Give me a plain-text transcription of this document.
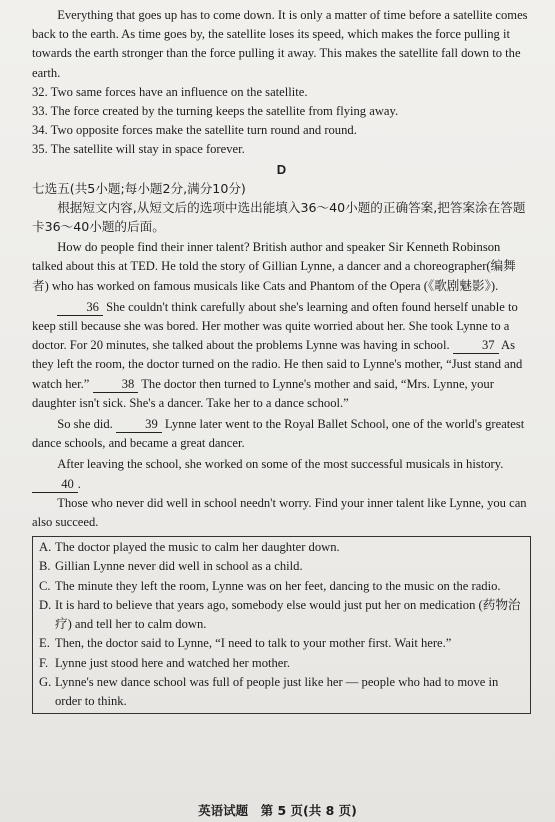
Everything that goes up has to come down. It is only a matter of time before a satellite comes back to the earth. As time goes by, the satellite loses its speed, which makes the force pulling it towards the earth stronger than the force pulling it away. This makes the satellite fall down to the earth.

32. Two same forces have an influence on the satellite.

33. The force created by the turning keeps the satellite from flying away.

34. Two opposite forces make the satellite turn round and round.

35. The satellite will stay in space forever.

D

七选五(共5小题;每小题2分,满分10分)

根据短文内容,从短文后的选项中选出能填入36～40小题的正确答案,把答案涂在答题卡36～40小题的后面。

How do people find their inner talent? British author and speaker Sir Kenneth Robinson talked about this at TED. He told the story of Gillian Lynne, a dancer and a choreographer(编舞者) who has worked on famous musicals like Cats and Phantom of the Opera (《歌剧魅影》).

36 She couldn't think carefully about she's learning and often found herself unable to keep still because she was bored. Her mother was quite worried about her. She took Lynne to a doctor. For 20 minutes, she talked about the problems Lynne was having in school.	37 As they left the room, the doctor turned on the radio. He then said to Lynne's mother, “Just stand and watch her.”	38 The doctor then turned to Lynne's mother and said, “Mrs. Lynne, your daughter isn't sick. She's a dancer. Take her to a dance school.”

So she did.	39 Lynne later went to the Royal Ballet School, one of the world's greatest dance schools, and became a great dancer.

After leaving the school, she worked on some of the most successful musicals in history. 40 .

Those who never did well in school needn't worry. Find your inner talent like Lynne, you can also succeed.

A. The doctor played the music to calm her daughter down.
B. Gillian Lynne never did well in school as a child.
C. The minute they left the room, Lynne was on her feet, dancing to the music on the radio.
D. It is hard to believe that years ago, somebody else would just put her on medication (药物治疗) and tell her to calm down.
E. Then, the doctor said to Lynne, “I need to talk to your mother first. Wait here.”
F. Lynne just stood here and watched her mother.
G. Lynne's new dance school was full of people just like her — people who had to move in order to think.
英语试题　第 5 页(共 8 页)
